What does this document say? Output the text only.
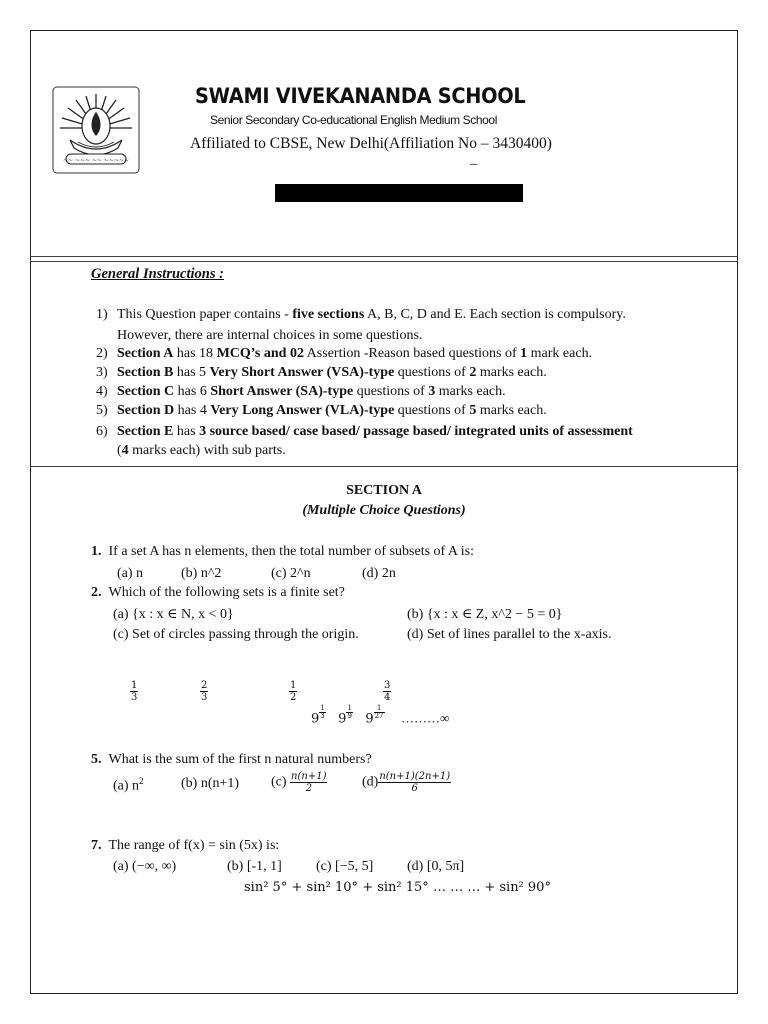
~~ ~~~ ~~ ~~~~~
SWAMI VIVEKANANDA SCHOOL
Senior Secondary Co-educational English Medium School
Affiliated to CBSE, New Delhi(Affiliation No – 3430400)
–
General Instructions :
1) This Question paper contains - five sections A, B, C, D and E. Each section is compulsory.
However, there are internal choices in some questions.
2) Section A has 18 MCQ’s and 02 Assertion -Reason based questions of 1 mark each.
3) Section B has 5 Very Short Answer (VSA)-type questions of 2 marks each.
4) Section C has 6 Short Answer (SA)-type questions of 3 marks each.
5) Section D has 4 Very Long Answer (VLA)-type questions of 5 marks each.
6) Section E has 3 source based/ case based/ passage based/ integrated units of assessment
(4 marks each) with sub parts.
SECTION A
(Multiple Choice Questions)
1. If a set A has n elements, then the total number of subsets of A is:
(a) n	(b) n^2	(c) 2^n	(d) 2n
2. Which of the following sets is a finite set?
(a) {x : x ∈ N, x < 0}	(b) {x : x ∈ Z, x^2 − 5 = 0}
(c) Set of circles passing through the origin.	(d) Set of lines parallel to the x-axis.
$\frac{1}{3}$	$\frac{2}{3}$	$\frac{1}{2}$	$\frac{3}{4}$
9 $^{\frac{1}{3}}$ 9 $^{\frac{1}{9}}$ 9 $^{\frac{1}{27}}$ ………∞
5. What is the sum of the first n natural numbers?
(a) $n^2$	(b) n(n+1) $(c) \frac{n(n+1)}{2} (d) \frac{n(n+1)(2n+1)}{6}$
7. The range of f(x) = sin (5x) is:
(a) (−∞, ∞)	(b) [-1, 1] (c) [−5, 5] (d) [0, 5π]
sin² 5° + sin² 10° + sin² 15° … … … + sin² 90°
